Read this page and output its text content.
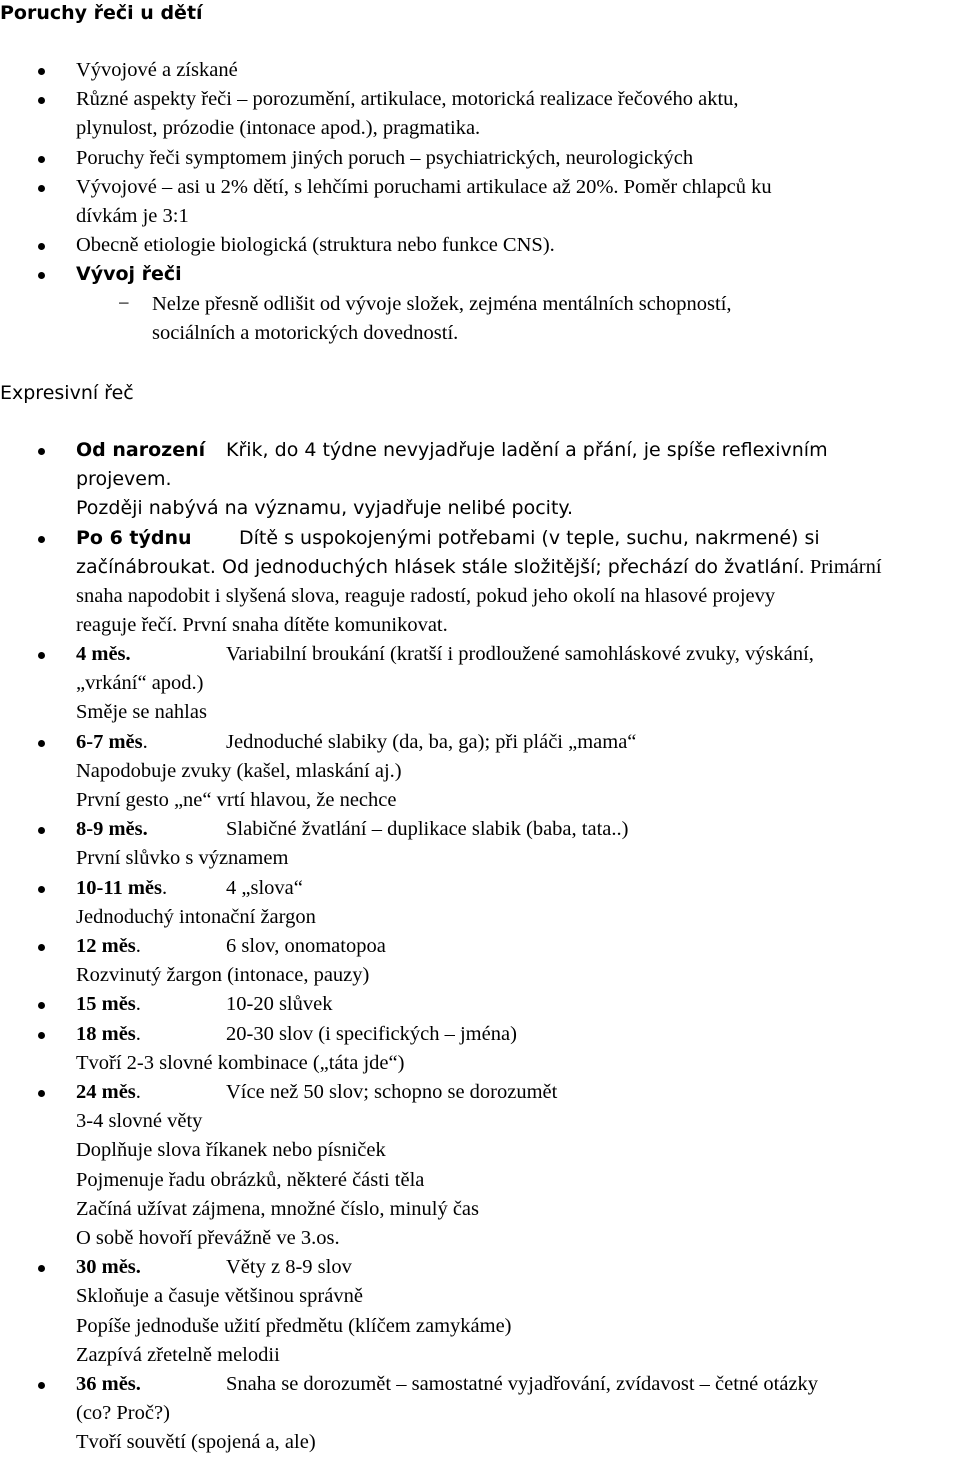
Poruchy řeči u dětí
Vývojové a získané
Různé aspekty řeči – porozumění, artikulace, motorická realizace řečového aktu,
plynulost, prózodie (intonace apod.), pragmatika.
Poruchy řeči symptomem jiných poruch – psychiatrických, neurologických
Vývojové – asi u 2% dětí, s lehčími poruchami artikulace až 20%. Poměr chlapců ku
dívkám je 3:1
Obecně etiologie biologická (struktura nebo funkce CNS).
Vývoj řeči
− Nelze přesně odlišit od vývoje složek, zejména mentálních schopností,
sociálních a motorických dovedností.
Expresivní řeč
Od narození Křik, do 4 týdne nevyjadřuje ladění a přání, je spíše reflexivním
projevem.
Později nabývá na významu, vyjadřuje nelibé pocity.
Po 6 týdnu Dítě s uspokojenými potřebami (v teple, suchu, nakrmené) si
začínábroukat. Od jednoduchých hlásek stále složitější; přechází do žvatlání. Primární
snaha napodobit i slyšená slova, reaguje radostí, pokud jeho okolí na hlasové projevy
reaguje řečí. První snaha dítěte komunikovat.
4 měs.	Variabilní broukání (kratší i prodloužené samohláskové zvuky, výskání,
„vrkání“ apod.)
Směje se nahlas
6-7 měs.	Jednoduché slabiky (da, ba, ga); při pláči „mama“
Napodobuje zvuky (kašel, mlaskání aj.)
První gesto „ne“ vrtí hlavou, že nechce
8-9 měs.	Slabičné žvatlání – duplikace slabik (baba, tata..)
První slůvko s významem
10-11 měs.	4 „slova“
Jednoduchý intonační žargon
12 měs.	6 slov, onomatopoa
Rozvinutý žargon (intonace, pauzy)
15 měs.	10-20 slůvek
18 měs.	20-30 slov (i specifických – jména)
Tvoří 2-3 slovné kombinace („táta jde“)
24 měs.	Více než 50 slov; schopno se dorozumět
3-4 slovné věty
Doplňuje slova říkanek nebo písniček
Pojmenuje řadu obrázků, některé části těla
Začíná užívat zájmena, množné číslo, minulý čas
O sobě hovoří převážně ve 3.os.
30 měs.	Věty z 8-9 slov
Skloňuje a časuje většinou správně
Popíše jednoduše užití předmětu (klíčem zamykáme)
Zazpívá zřetelně melodii
36 měs.	Snaha se dorozumět – samostatné vyjadřování, zvídavost – četné otázky
(co? Proč?)
Tvoří souvětí (spojená a, ale)
